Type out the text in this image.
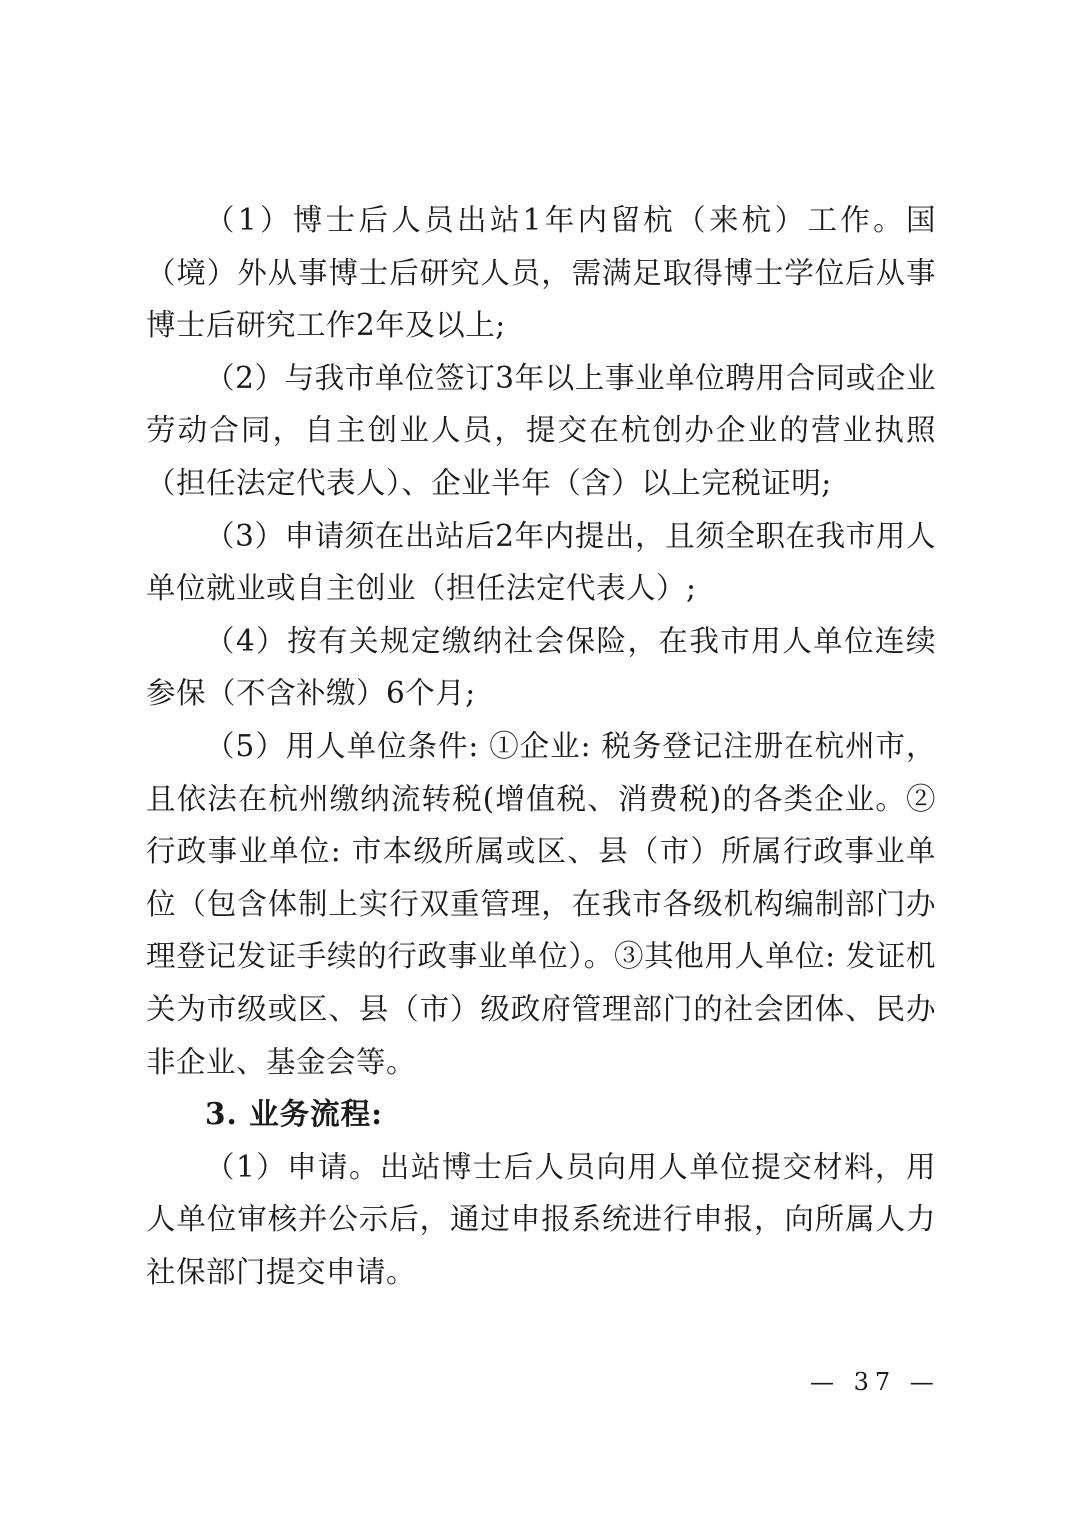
（1）博士后人员出站1年内留杭（来杭）工作。国（境）外从事博士后研究人员，需满足取得博士学位后从事博士后研究工作2年及以上;

（2）与我市单位签订3年以上事业单位聘用合同或企业劳动合同，自主创业人员，提交在杭创办企业的营业执照（担任法定代表人）、企业半年（含）以上完税证明;

（3）申请须在出站后2年内提出，且须全职在我市用人单位就业或自主创业（担任法定代表人）;

（4）按有关规定缴纳社会保险，在我市用人单位连续参保（不含补缴）6个月;

（5）用人单位条件: ①企业: 税务登记注册在杭州市，且依法在杭州缴纳流转税(增值税、消费税)的各类企业。②行政事业单位: 市本级所属或区、县（市）所属行政事业单位（包含体制上实行双重管理，在我市各级机构编制部门办理登记发证手续的行政事业单位）。③其他用人单位: 发证机关为市级或区、县（市）级政府管理部门的社会团体、民办非企业、基金会等。

3. 业务流程:

（1）申请。出站博士后人员向用人单位提交材料，用人单位审核并公示后，通过申报系统进行申报，向所属人力社保部门提交申请。

— 37 —
